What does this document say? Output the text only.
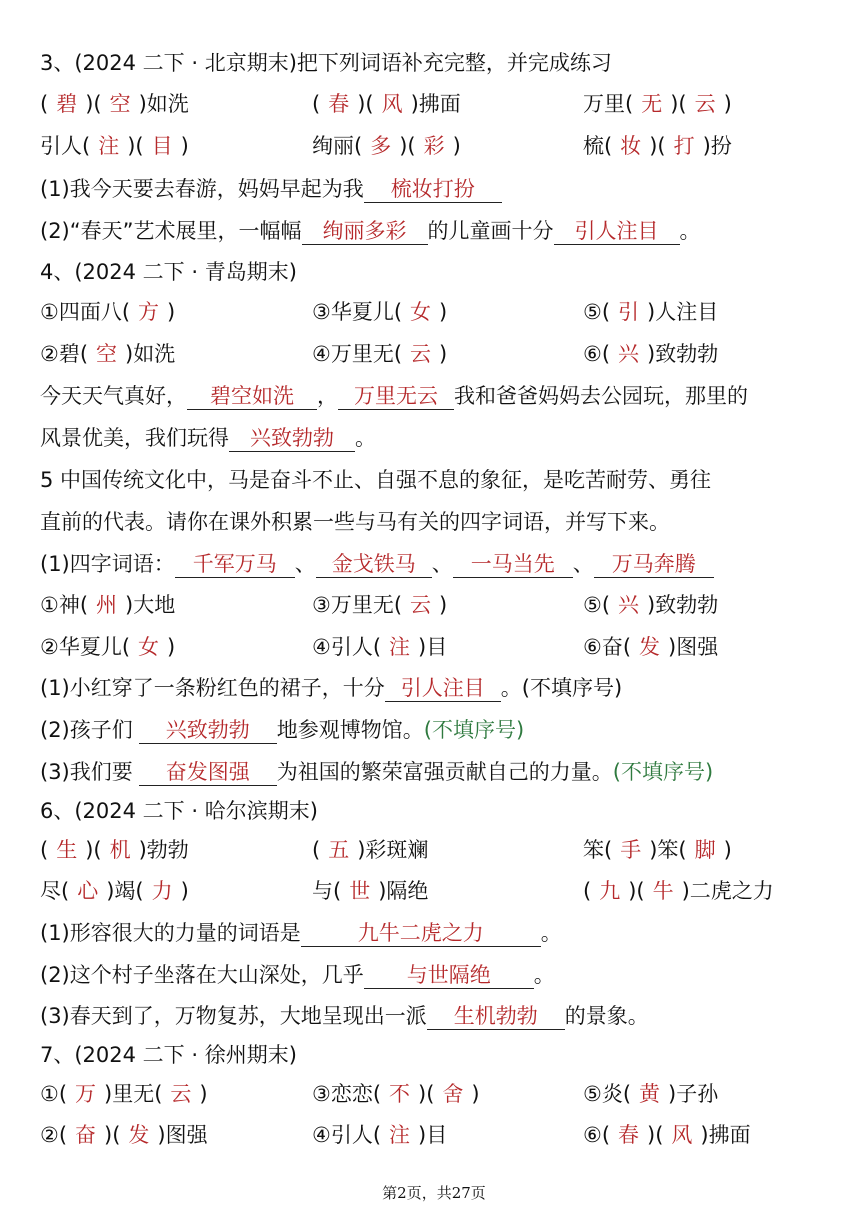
3、(2024 二下 · 北京期末)把下列词语补充完整，并完成练习
( 碧 )( 空 )如洗	( 春 )( 风 )拂面	万里( 无 )( 云 )
引人( 注 )( 目 )	绚丽( 多 )( 彩 )	梳( 妆 )( 打 )扮
(1)我今天要去春游，妈妈早起为我	梳妆打扮
(2)“春天”艺术展里，一幅幅	绚丽多彩	的儿童画十分	引人注目	。
4、(2024 二下 · 青岛期末)
①四面八( 方 )	③华夏儿( 女 )	⑤( 引 )人注目
②碧( 空 )如洗	④万里无( 云 )	⑥( 兴 )致勃勃
今天天气真好，	碧空如洗	， 万里无云 我和爸爸妈妈去公园玩，那里的
风景优美，我们玩得	兴致勃勃	。
5 中国传统文化中，马是奋斗不止、自强不息的象征，是吃苦耐劳、勇往
直前的代表。请你在课外积累一些与马有关的四字词语，并写下来。
(1)四字词语： 千军万马 、 金戈铁马 、 一马当先 、 万马奔腾
①神( 州 )大地	③万里无( 云 )	⑤( 兴 )致勃勃
②华夏儿( 女 )	④引人( 注 )目	⑥奋( 发 )图强
(1)小红穿了一条粉红色的裙子，十分 引人注目 。(不填序号)
(2)孩子们	兴致勃勃	地参观博物馆。 (不填序号)
(3)我们要	奋发图强	为祖国的繁荣富强贡献自己的力量。 (不填序号)
6、(2024 二下 · 哈尔滨期末)
( 生 )( 机 )勃勃	( 五 )彩斑斓	笨( 手 )笨( 脚 )
尽( 心 )竭( 力 )	与( 世 )隔绝	( 九 )( 牛 )二虎之力
(1)形容很大的力量的词语是	九牛二虎之力	。
(2)这个村子坐落在大山深处，几乎	与世隔绝	。
(3)春天到了，万物复苏，大地呈现出一派	生机勃勃	的景象。
7、(2024 二下 · 徐州期末)
①( 万 )里无( 云 )	③恋恋( 不 )( 舍 )	⑤炎( 黄 )子孙
②( 奋 )( 发 )图强	④引人( 注 )目	⑥( 春 )( 风 )拂面
第2页，共27页
